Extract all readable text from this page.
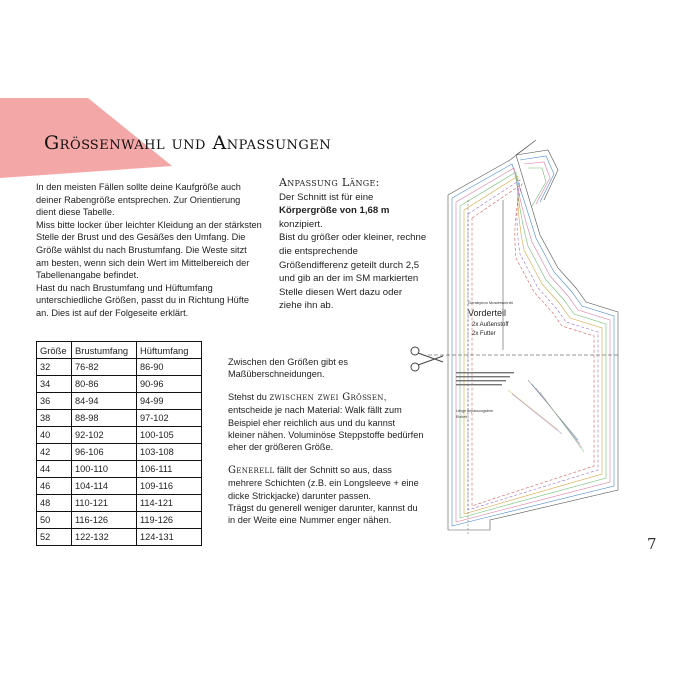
Größenwahl und Anpassungen

In den meisten Fällen sollte deine Kaufgröße auch deiner Rabengröße entsprechen. Zur Orientierung dient diese Tabelle.

Miss bitte locker über leichter Kleidung an der stärksten Stelle der Brust und des Gesäßes den Umfang. Die Größe wählst du nach Brustumfang. Die Weste sitzt am besten, wenn sich dein Wert im Mittelbereich der Tabellenangabe befindet.

Hast du nach Brustumfang und Hüftumfang unterschiedliche Größen, passt du in Richtung Hüfte an. Dies ist auf der Folgeseite erklärt.

Anpassung Länge:
Der Schnitt ist für eine
Körpergröße von 1,68 m
konzipiert.
Bist du größer oder kleiner, rechne die entsprechende Größendifferenz geteilt durch 2,5 und gib an der im SM markierten Stelle diesen Wert dazu oder ziehe ihn ab.
Größe	Brustumfang	Hüftumfang
32	76-82	86-90
34	80-86	90-96
36	84-94	94-99
38	88-98	97-102
40	92-102	100-105
42	96-106	103-108
44	100-110	106-111
46	104-114	109-116
48	110-121	114-121
50	116-126	119-126
52	122-132	124-131

Zwischen den Größen gibt es Maßüberschneidungen.

Stehst du zwischen zwei Größen, entscheide je nach Material: Walk fällt zum Beispiel eher reichlich aus und du kannst kleiner nähen. Voluminöse Steppstoffe bedürfen eher der größeren Größe.

Generell fällt der Schnitt so aus, dass mehrere Schichten (z.B. ein Longsleeve + eine dicke Strickjacke) darunter passen.

Trägst du generell weniger darunter, kannst du in der Weite eine Nummer enger nähen.

Gerabyeon Musterschnitt
Vorderteil
2x Außenstoff
2x Futter
Länge Anpassungslinie
Einheit
7
